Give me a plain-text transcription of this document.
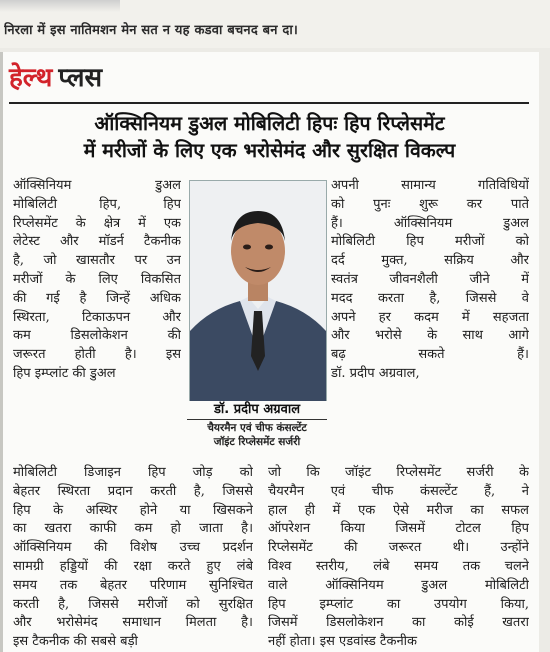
निरला में इस नातिमशन मेन सत न यह कडवा बचनद बन दा।
हेल्थ प्लस
ऑक्सिनियम डुअल मोबिलिटी हिपः हिप रिप्लेसमेंट
में मरीजों के लिए एक भरोसेमंद और सुरक्षित विकल्प
ऑक्सिनियम डुअल
मोबिलिटी हिप, हिप
रिप्लेसमेंट के क्षेत्र में एक
लेटेस्ट और मॉडर्न टैकनीक
है, जो खासतौर पर उन
मरीजों के लिए विकसित
की गई है जिन्हें अधिक
स्थिरता, टिकाऊपन और
कम डिसलोकेशन की
जरूरत होती है। इस
हिप इम्प्लांट की डुअल
मोबिलिटी डिजाइन हिप जोड़ को
बेहतर स्थिरता प्रदान करती है, जिससे
हिप के अस्थिर होने या खिसकने
का खतरा काफी कम हो जाता है।
ऑक्सिनियम की विशेष उच्च प्रदर्शन
सामग्री हड्डियों की रक्षा करते हुए लंबे
समय तक बेहतर परिणाम सुनिश्चित
करती है, जिससे मरीजों को सुरक्षित
और भरोसेमंद समाधान मिलता है।
इस टैकनीक की सबसे बड़ी
अपनी सामान्य गतिविधियों
को पुनः शुरू कर पाते
हैं। ऑक्सिनियम डुअल
मोबिलिटी हिप मरीजों को
दर्द मुक्त, सक्रिय और
स्वतंत्र जीवनशैली जीने में
मदद करता है, जिससे वे
अपने हर कदम में सहजता
और भरोसे के साथ आगे
बढ़ सकते हैं।
डॉ. प्रदीप अग्रवाल,
जो कि जॉइंट रिप्लेसमेंट सर्जरी के
चैयरमैन एवं चीफ कंसल्टेंट हैं, ने
हाल ही में एक ऐसे मरीज का सफल
ऑपरेशन किया जिसमें टोटल हिप
रिप्लेसमेंट की जरूरत थी। उन्होंने
विश्व स्तरीय, लंबे समय तक चलने
वाले ऑक्सिनियम डुअल मोबिलिटी
हिप इम्प्लांट का उपयोग किया,
जिसमें डिसलोकेशन का कोई खतरा
नहीं होता। इस एडवांस्ड टैकनीक
डॉ. प्रदीप अग्रवाल
चैयरमैन एवं चीफ कंसल्टेंट
जॉइंट रिप्लेसमेंट सर्जरी
